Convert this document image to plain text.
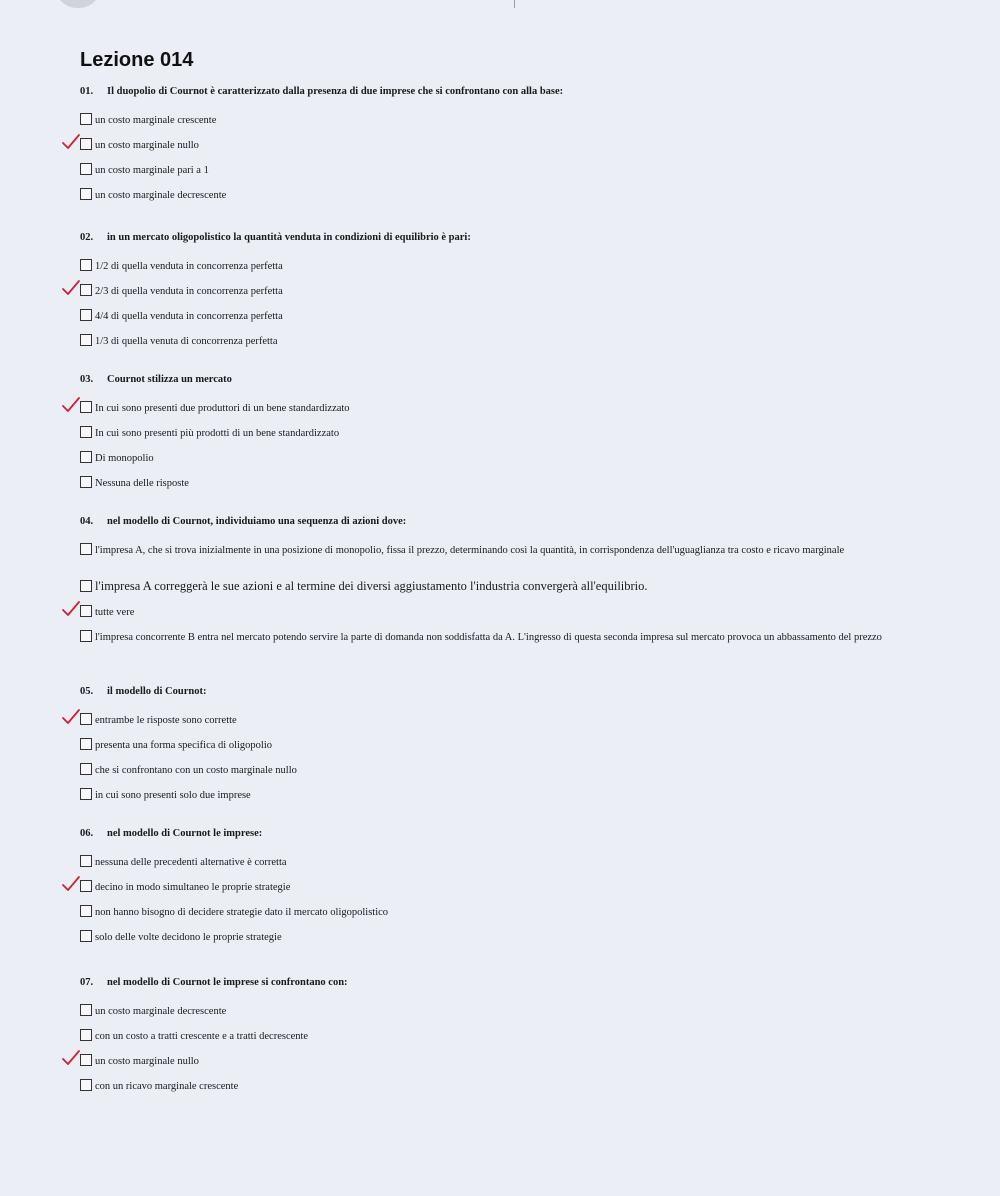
Lezione 014
01. Il duopolio di Cournot è caratterizzato dalla presenza di due imprese che si confrontano con alla base:
un costo marginale crescente
un costo marginale nullo
un costo marginale pari a 1
un costo marginale decrescente
02. in un mercato oligopolistico la quantità venduta in condizioni di equilibrio è pari:
1/2 di quella venduta in concorrenza perfetta
2/3 di quella venduta in concorrenza perfetta
4/4 di quella venduta in concorrenza perfetta
1/3 di quella venuta di concorrenza perfetta
03. Cournot stilizza un mercato
In cui sono presenti due produttori di un bene standardizzato
In cui sono presenti più prodotti di un bene standardizzato
Di monopolio
Nessuna delle risposte
04. nel modello di Cournot, individuiamo una sequenza di azioni dove:
l'impresa A, che si trova inizialmente in una posizione di monopolio, fissa il prezzo, determinando così la quantità, in corrispondenza dell'uguaglianza tra costo e ricavo marginale
l'impresa A correggerà le sue azioni e al termine dei diversi aggiustamento l'industria convergerà all'equilibrio.
tutte vere
l'impresa concorrente B entra nel mercato potendo servire la parte di domanda non soddisfatta da A. L'ingresso di questa seconda impresa sul mercato provoca un abbassamento del prezzo
05. il modello di Cournot:
entrambe le risposte sono corrette
presenta una forma specifica di oligopolio
che si confrontano con un costo marginale nullo
in cui sono presenti solo due imprese
06. nel modello di Cournot le imprese:
nessuna delle precedenti alternative è corretta
decino in modo simultaneo le proprie strategie
non hanno bisogno di decidere strategie dato il mercato oligopolistico
solo delle volte decidono le proprie strategie
07. nel modello di Cournot le imprese si confrontano con:
un costo marginale decrescente
con un costo a tratti crescente e a tratti decrescente
un costo marginale nullo
con un ricavo marginale crescente
